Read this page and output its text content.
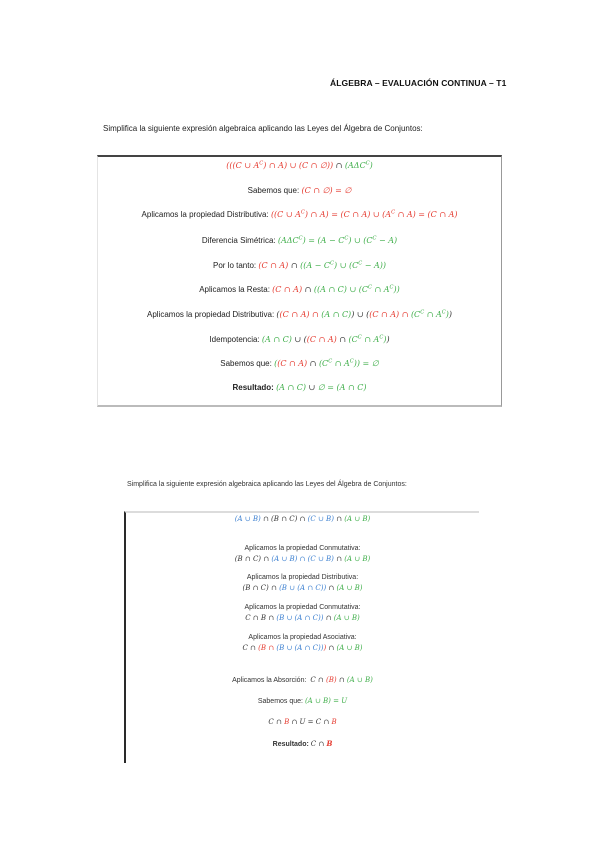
ÁLGEBRA – EVALUACIÓN CONTINUA – T1
Simplifica la siguiente expresión algebraica aplicando las Leyes del Álgebra de Conjuntos:
(((C ∪ $A^C$) ∩ A) ∪ (C ∩ ∅)) ∩ $(A\Delta C^C)$
Sabemos que: (C ∩ ∅) = ∅
Aplicamos la propiedad Distributiva: ((C ∪ $A^C$) ∩ A) = (C ∩ A) ∪ ($A^C$ ∩ A) = (C ∩ A)
Diferencia Simétrica: $(A\Delta C^C) = (A - C^C)$ ∪ $(C^C - A)$
Por lo tanto: (C ∩ A) ∩ ($(A - C^C)$ ∪ $(C^C - A)$)
Aplicamos la Resta: (C ∩ A) ∩ ((A ∩ C) ∪ ($C^C$ ∩ $A^C$))
Aplicamos la propiedad Distributiva: ((C ∩ A) ∩ (A ∩ C)) ∪ ((C ∩ A) ∩ ($C^C$ ∩ $A^C$))
Idempotencia: (A ∩ C) ∪ ((C ∩ A) ∩ ($C^C$ ∩ $A^C$))
Sabemos que: ((C ∩ A) ∩ ($C^C$ ∩ $A^C$)) = ∅
Resultado: (A ∩ C) ∪ ∅ = (A ∩ C)
Simplifica la siguiente expresión algebraica aplicando las Leyes del Álgebra de Conjuntos:
(A ∪ B) ∩ (B ∩ C) ∩ (C ∪ B) ∩ (A ∪ B)
Aplicamos la propiedad Conmutativa:
(B ∩ C) ∩ (A ∪ B) ∩ (C ∪ B) ∩ (A ∪ B)
Aplicamos la propiedad Distributiva:
(B ∩ C) ∩ (B ∪ (A ∩ C)) ∩ (A ∪ B)
Aplicamos la propiedad Conmutativa:
C ∩ B ∩ (B ∪ (A ∩ C)) ∩ (A ∪ B)
Aplicamos la propiedad Asociativa:
C ∩ (B ∩ (B ∪ (A ∩ C))) ∩ (A ∪ B)
Aplicamos la Absorción: C ∩ (B) ∩ (A ∪ B)
Sabemos que: (A ∪ B) = U
C ∩ B ∩ U = C ∩ B
Resultado: C ∩ B
